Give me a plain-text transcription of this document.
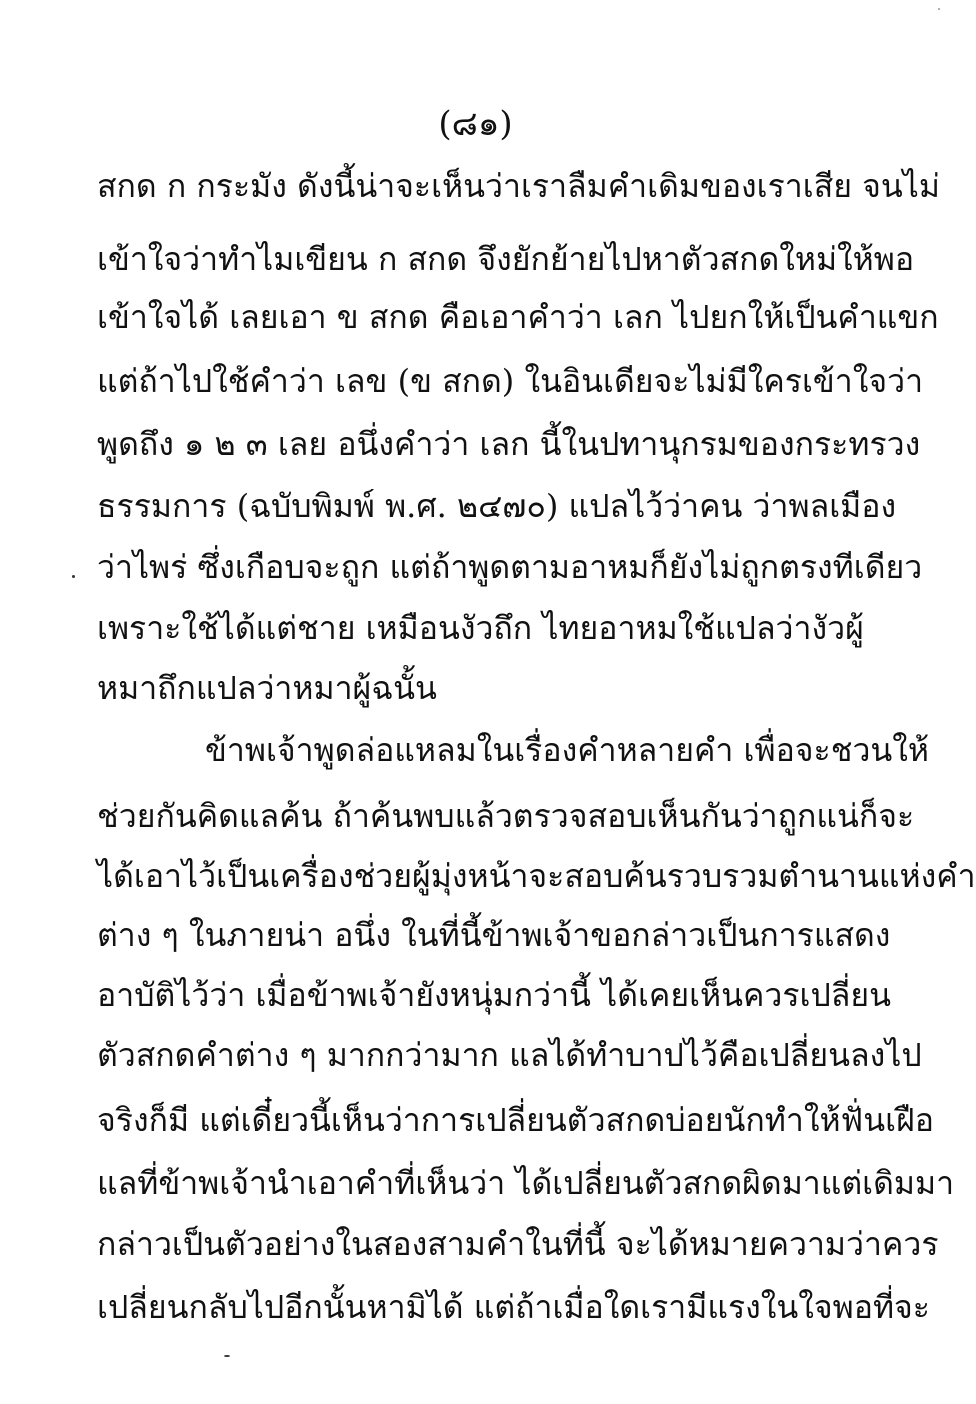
(๘๑)
สกด ก กระมัง ดังนี้น่าจะเห็นว่าเราลืมคำเดิมของเราเสีย จนไม่
เข้าใจว่าทำไมเขียน ก สกด จึงยักย้ายไปหาตัวสกดใหม่ให้พอ
เข้าใจได้ เลยเอา ข สกด คือเอาคำว่า เลก ไปยกให้เป็นคำแขก
แต่ถ้าไปใช้คำว่า เลข (ข สกด) ในอินเดียจะไม่มีใครเข้าใจว่า
พูดถึง ๑ ๒ ๓ เลย อนึ่งคำว่า เลก นี้ในปทานุกรมของกระทรวง
ธรรมการ (ฉบับพิมพ์ พ.ศ. ๒๔๗๐) แปลไว้ว่าคน ว่าพลเมือง
ว่าไพร่ ซึ่งเกือบจะถูก แต่ถ้าพูดตามอาหมก็ยังไม่ถูกตรงทีเดียว
เพราะใช้ได้แต่ชาย เหมือนงัวถึก ไทยอาหมใช้แปลว่างัวผู้
หมาถึกแปลว่าหมาผู้ฉนั้น
ข้าพเจ้าพูดล่อแหลมในเรื่องคำหลายคำ เพื่อจะชวนให้
ช่วยกันคิดแลค้น ถ้าค้นพบแล้วตรวจสอบเห็นกันว่าถูกแน่ก็จะ
ได้เอาไว้เป็นเครื่องช่วยผู้มุ่งหน้าจะสอบค้นรวบรวมตำนานแห่งคำ
ต่าง ๆ ในภายน่า อนึ่ง ในที่นี้ข้าพเจ้าขอกล่าวเป็นการแสดง
อาบัติไว้ว่า เมื่อข้าพเจ้ายังหนุ่มกว่านี้ ได้เคยเห็นควรเปลี่ยน
ตัวสกดคำต่าง ๆ มากกว่ามาก แลได้ทำบาปไว้คือเปลี่ยนลงไป
จริงก็มี แต่เดี๋ยวนี้เห็นว่าการเปลี่ยนตัวสกดบ่อยนักทำให้ฟั่นเฝือ
แลที่ข้าพเจ้านำเอาคำที่เห็นว่า ได้เปลี่ยนตัวสกดผิดมาแต่เดิมมา
กล่าวเป็นตัวอย่างในสองสามคำในที่นี้ จะได้หมายความว่าควร
เปลี่ยนกลับไปอีกนั้นหามิได้ แต่ถ้าเมื่อใดเรามีแรงในใจพอที่จะ
